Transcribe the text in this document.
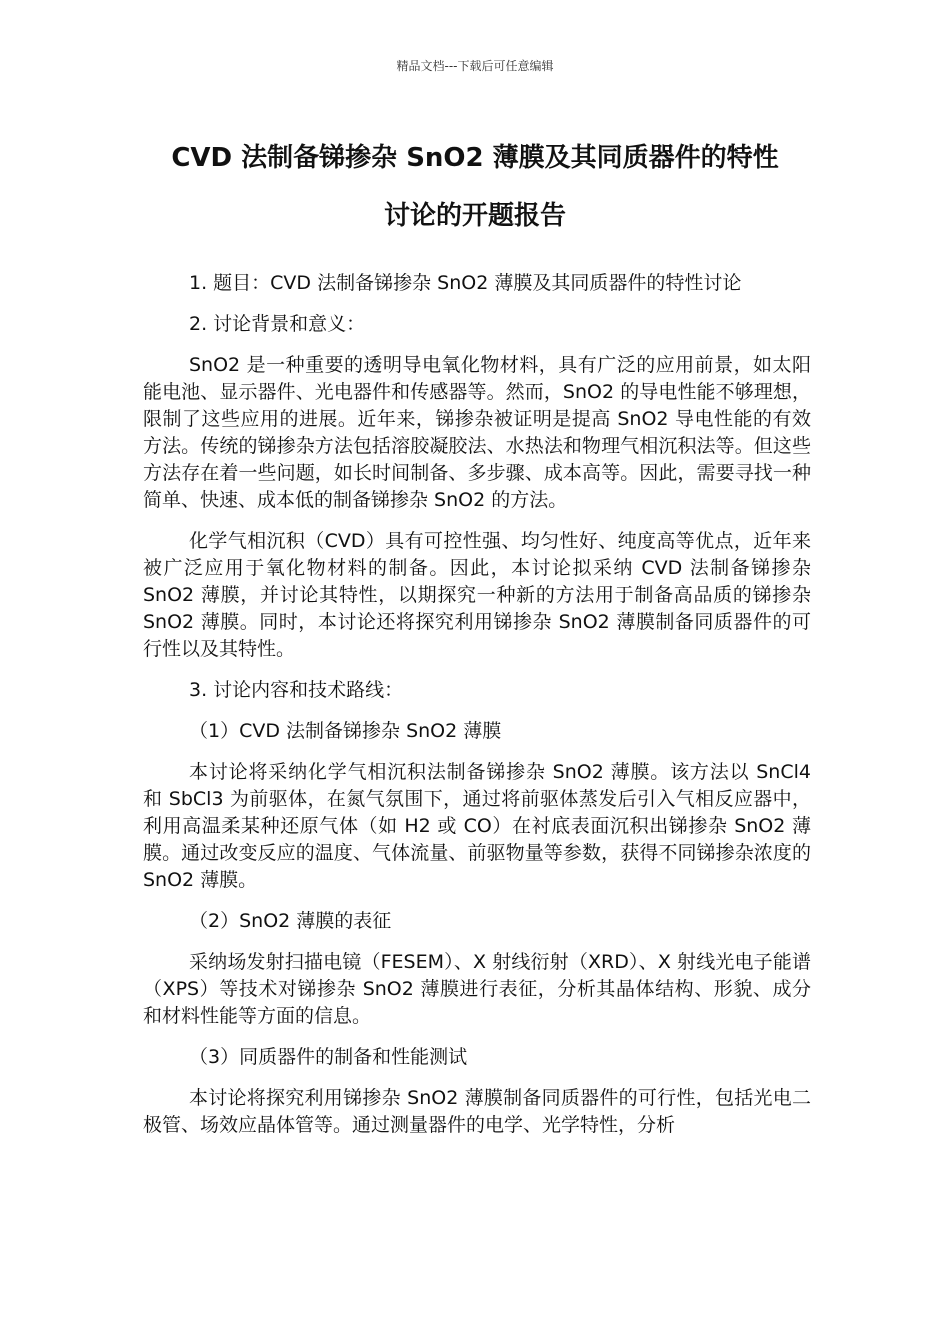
精品文档---下载后可任意编辑
CVD 法制备锑掺杂 SnO2 薄膜及其同质器件的特性
讨论的开题报告

1. 题目：CVD 法制备锑掺杂 SnO2 薄膜及其同质器件的特性讨论

2. 讨论背景和意义：

SnO2 是一种重要的透明导电氧化物材料，具有广泛的应用前景，如太阳能电池、显示器件、光电器件和传感器等。然而，SnO2 的导电性能不够理想，限制了这些应用的进展。近年来，锑掺杂被证明是提高 SnO2 导电性能的有效方法。传统的锑掺杂方法包括溶胶凝胶法、水热法和物理气相沉积法等。但这些方法存在着一些问题，如长时间制备、多步骤、成本高等。因此，需要寻找一种简单、快速、成本低的制备锑掺杂 SnO2 的方法。

化学气相沉积（CVD）具有可控性强、均匀性好、纯度高等优点，近年来被广泛应用于氧化物材料的制备。因此，本讨论拟采纳 CVD 法制备锑掺杂 SnO2 薄膜，并讨论其特性，以期探究一种新的方法用于制备高品质的锑掺杂 SnO2 薄膜。同时，本讨论还将探究利用锑掺杂 SnO2 薄膜制备同质器件的可行性以及其特性。

3. 讨论内容和技术路线：

（1）CVD 法制备锑掺杂 SnO2 薄膜

本讨论将采纳化学气相沉积法制备锑掺杂 SnO2 薄膜。该方法以 SnCl4 和 SbCl3 为前驱体，在氮气氛围下，通过将前驱体蒸发后引入气相反应器中，利用高温柔某种还原气体（如 H2 或 CO）在衬底表面沉积出锑掺杂 SnO2 薄膜。通过改变反应的温度、气体流量、前驱物量等参数，获得不同锑掺杂浓度的 SnO2 薄膜。

（2）SnO2 薄膜的表征

采纳场发射扫描电镜（FESEM）、X 射线衍射（XRD）、X 射线光电子能谱（XPS）等技术对锑掺杂 SnO2 薄膜进行表征，分析其晶体结构、形貌、成分和材料性能等方面的信息。

（3）同质器件的制备和性能测试

本讨论将探究利用锑掺杂 SnO2 薄膜制备同质器件的可行性，包括光电二极管、场效应晶体管等。通过测量器件的电学、光学特性，分析
